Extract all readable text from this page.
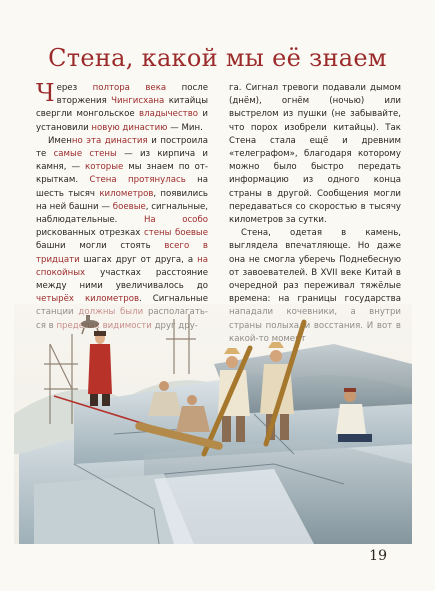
Стена, какой мы её знаем

Через полтора века после вторжения Чингисхана китайцы свергли монгольское владычество и установили новую династию — Мин.

Именно эта династия и построила те самые стены — из кирпича и камня, — которые мы знаем по открыткам. Стена протянулась на шесть тысяч километров, появились на ней башни — боевые, сигнальные, наблюдательные. На особо рискованных отрезках стены боевые башни могли стоять всего в тридцати шагах друг от друга, а на спокойных участках расстояние между ними увеличивалось до четырёх километров. Сигнальные

га. Сигнал тревоги подавали дымом (днём), огнём (ночью) или выстрелом из пушки (не забывайте, что порох изобрели китайцы). Так Стена стала ещё и древним «телеграфом», благодаря которому можно было быстро передать информацию из одного конца страны в другой. Сообщения могли передаваться со скоростью в тысячу километров за сутки.

Стена, одетая в камень, выглядела впечатляюще. Но даже она не смогла уберечь Поднебесную от завоевателей. В XVII веке Китай в очередной раз переживал тяжёлые времена: на границы государства

19
